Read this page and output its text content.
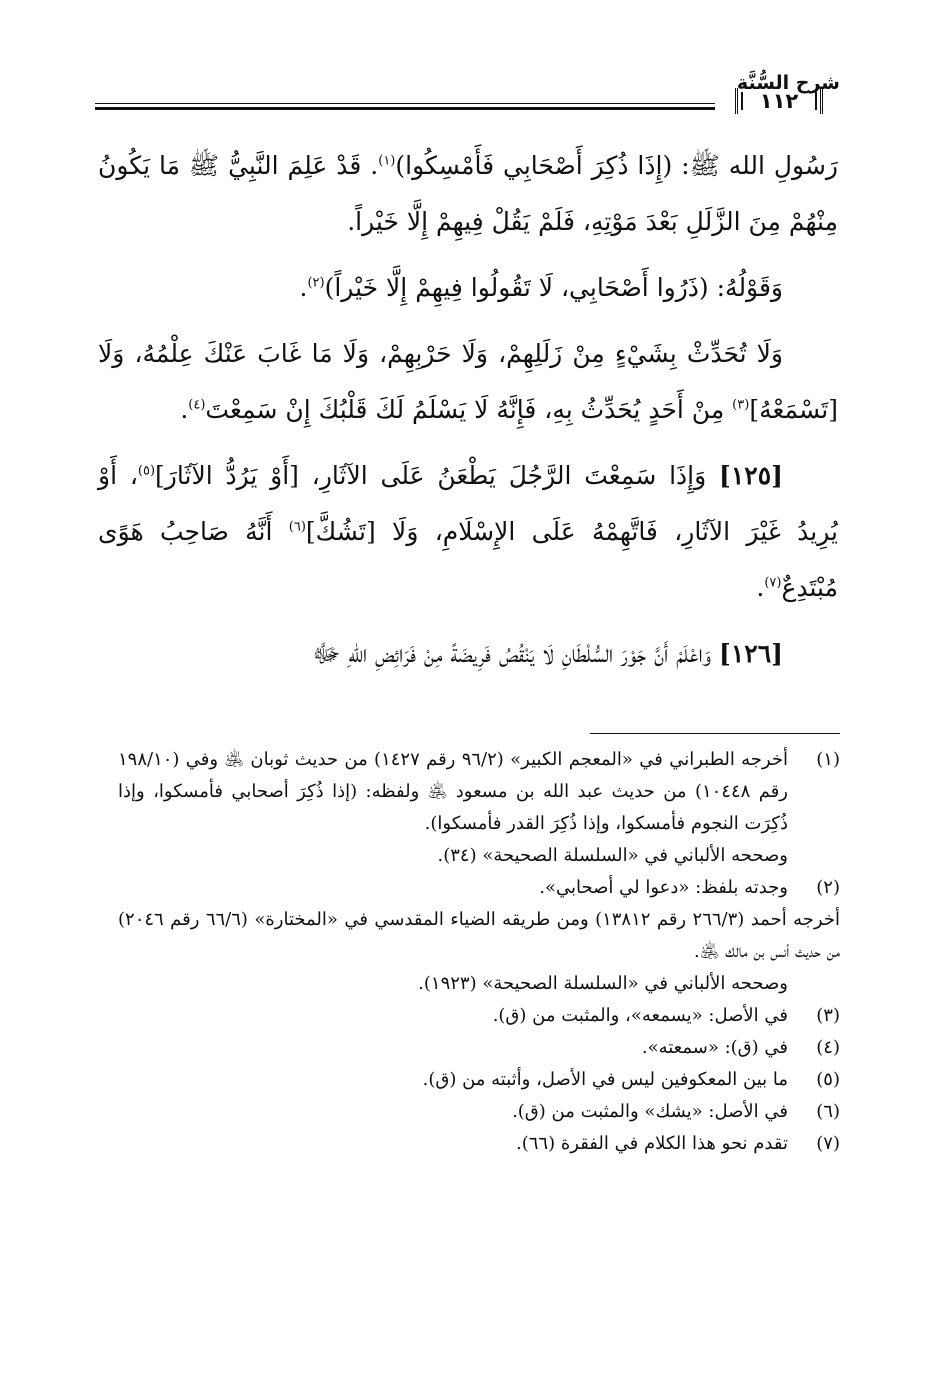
شرح السُّنَّة
١١٢

رَسُولِ الله ﷺ: (إِذَا ذُكِرَ أَصْحَابِي فَأَمْسِكُوا)$^{(١)}$. قَدْ عَلِمَ النَّبِيُّ ﷺ مَا يَكُونُ مِنْهُمْ مِنَ الزَّلَلِ بَعْدَ مَوْتِهِ، فَلَمْ يَقُلْ فِيهِمْ إِلَّا خَيْراً.

وَقَوْلُهُ: (ذَرُوا أَصْحَابِي، لَا تَقُولُوا فِيهِمْ إِلَّا خَيْراً)$^{(٢)}$.

وَلَا تُحَدِّثْ بِشَيْءٍ مِنْ زَلَلِهِمْ، وَلَا حَرْبِهِمْ، وَلَا مَا غَابَ عَنْكَ عِلْمُهُ، وَلَا [تَسْمَعْهُ]$^{(٣)}$ مِنْ أَحَدٍ يُحَدِّثُ بِهِ، فَإِنَّهُ لَا يَسْلَمُ لَكَ قَلْبُكَ إِنْ سَمِعْتَ$^{(٤)}$.

[١٢٥] وَإِذَا سَمِعْتَ الرَّجُلَ يَطْعَنُ عَلَى الآثَارِ، [أَوْ يَرُدُّ الآثَارَ]$^{(٥)}$، أَوْ يُرِيدُ غَيْرَ الآثَارِ، فَاتَّهِمْهُ عَلَى الإِسْلَامِ، وَلَا [تَشُكَّ]$^{(٦)}$ أَنَّهُ صَاحِبُ هَوًى مُبْتَدِعٌ$^{(٧)}$.

[١٢٦] وَاعْلَمْ أَنَّ جَوْرَ السُّلْطَانِ لَا يَنْقُصُ فَرِيضَةً مِنْ فَرَائِضِ اللهِ ﷻ

(١)
أخرجه الطبراني في «المعجم الكبير» (٩٦/٢ رقم ١٤٢٧) من حديث ثوبان ﵁ وفي (١٩٨/١٠ رقم ١٠٤٤٨) من حديث عبد الله بن مسعود ﵁ ولفظه: (إذا ذُكِرَ أصحابي فأمسكوا، وإذا ذُكِرَت النجوم فأمسكوا، وإذا ذُكِرَ القدر فأمسكوا).
وصححه الألباني في «السلسلة الصحيحة» (٣٤).
(٢)
وجدته بلفظ: «دعوا لي أصحابي».
أخرجه أحمد (٢٦٦/٣ رقم ١٣٨١٢) ومن طريقه الضياء المقدسي في «المختارة» (٦٦/٦ رقم ٢٠٤٦) من حديث أنس بن مالك ﵁.
وصححه الألباني في «السلسلة الصحيحة» (١٩٢٣).
(٣)
في الأصل: «يسمعه»، والمثبت من (ق).
(٤)
في (ق): «سمعته».
(٥)
ما بين المعكوفين ليس في الأصل، وأثبته من (ق).
(٦)
في الأصل: «يشك» والمثبت من (ق).
(٧)
تقدم نحو هذا الكلام في الفقرة (٦٦).
